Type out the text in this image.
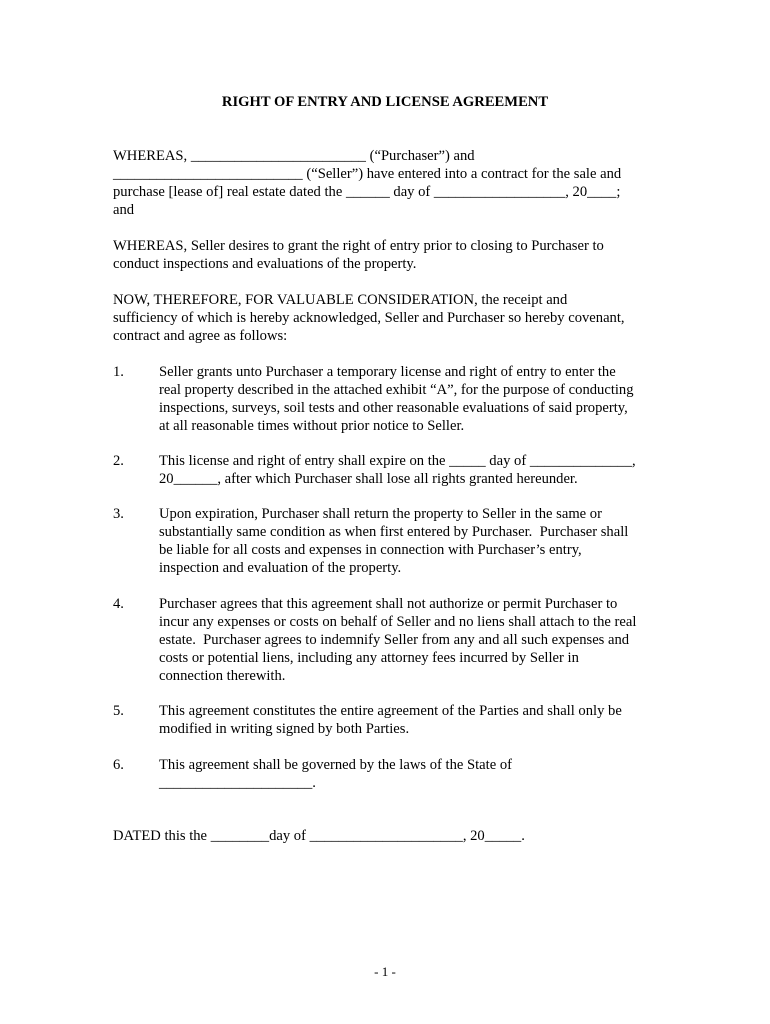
RIGHT OF ENTRY AND LICENSE AGREEMENT
WHEREAS, ________________________ (“Purchaser”) and
__________________________ (“Seller”) have entered into a contract for the sale and
purchase [lease of] real estate dated the ______ day of __________________, 20____;
and
WHEREAS, Seller desires to grant the right of entry prior to closing to Purchaser to
conduct inspections and evaluations of the property.
NOW, THEREFORE, FOR VALUABLE CONSIDERATION, the receipt and
sufficiency of which is hereby acknowledged, Seller and Purchaser so hereby covenant,
contract and agree as follows:
1. Seller grants unto Purchaser a temporary license and right of entry to enter the
real property described in the attached exhibit “A”, for the purpose of conducting
inspections, surveys, soil tests and other reasonable evaluations of said property,
at all reasonable times without prior notice to Seller.
2. This license and right of entry shall expire on the _____ day of ______________,
20______, after which Purchaser shall lose all rights granted hereunder.
3. Upon expiration, Purchaser shall return the property to Seller in the same or
substantially same condition as when first entered by Purchaser.  Purchaser shall
be liable for all costs and expenses in connection with Purchaser’s entry,
inspection and evaluation of the property.
4. Purchaser agrees that this agreement shall not authorize or permit Purchaser to
incur any expenses or costs on behalf of Seller and no liens shall attach to the real
estate.  Purchaser agrees to indemnify Seller from any and all such expenses and
costs or potential liens, including any attorney fees incurred by Seller in
connection therewith.
5. This agreement constitutes the entire agreement of the Parties and shall only be
modified in writing signed by both Parties.
6. This agreement shall be governed by the laws of the State of
_____________________.
DATED this the ________day of _____________________, 20_____.
- 1 -
